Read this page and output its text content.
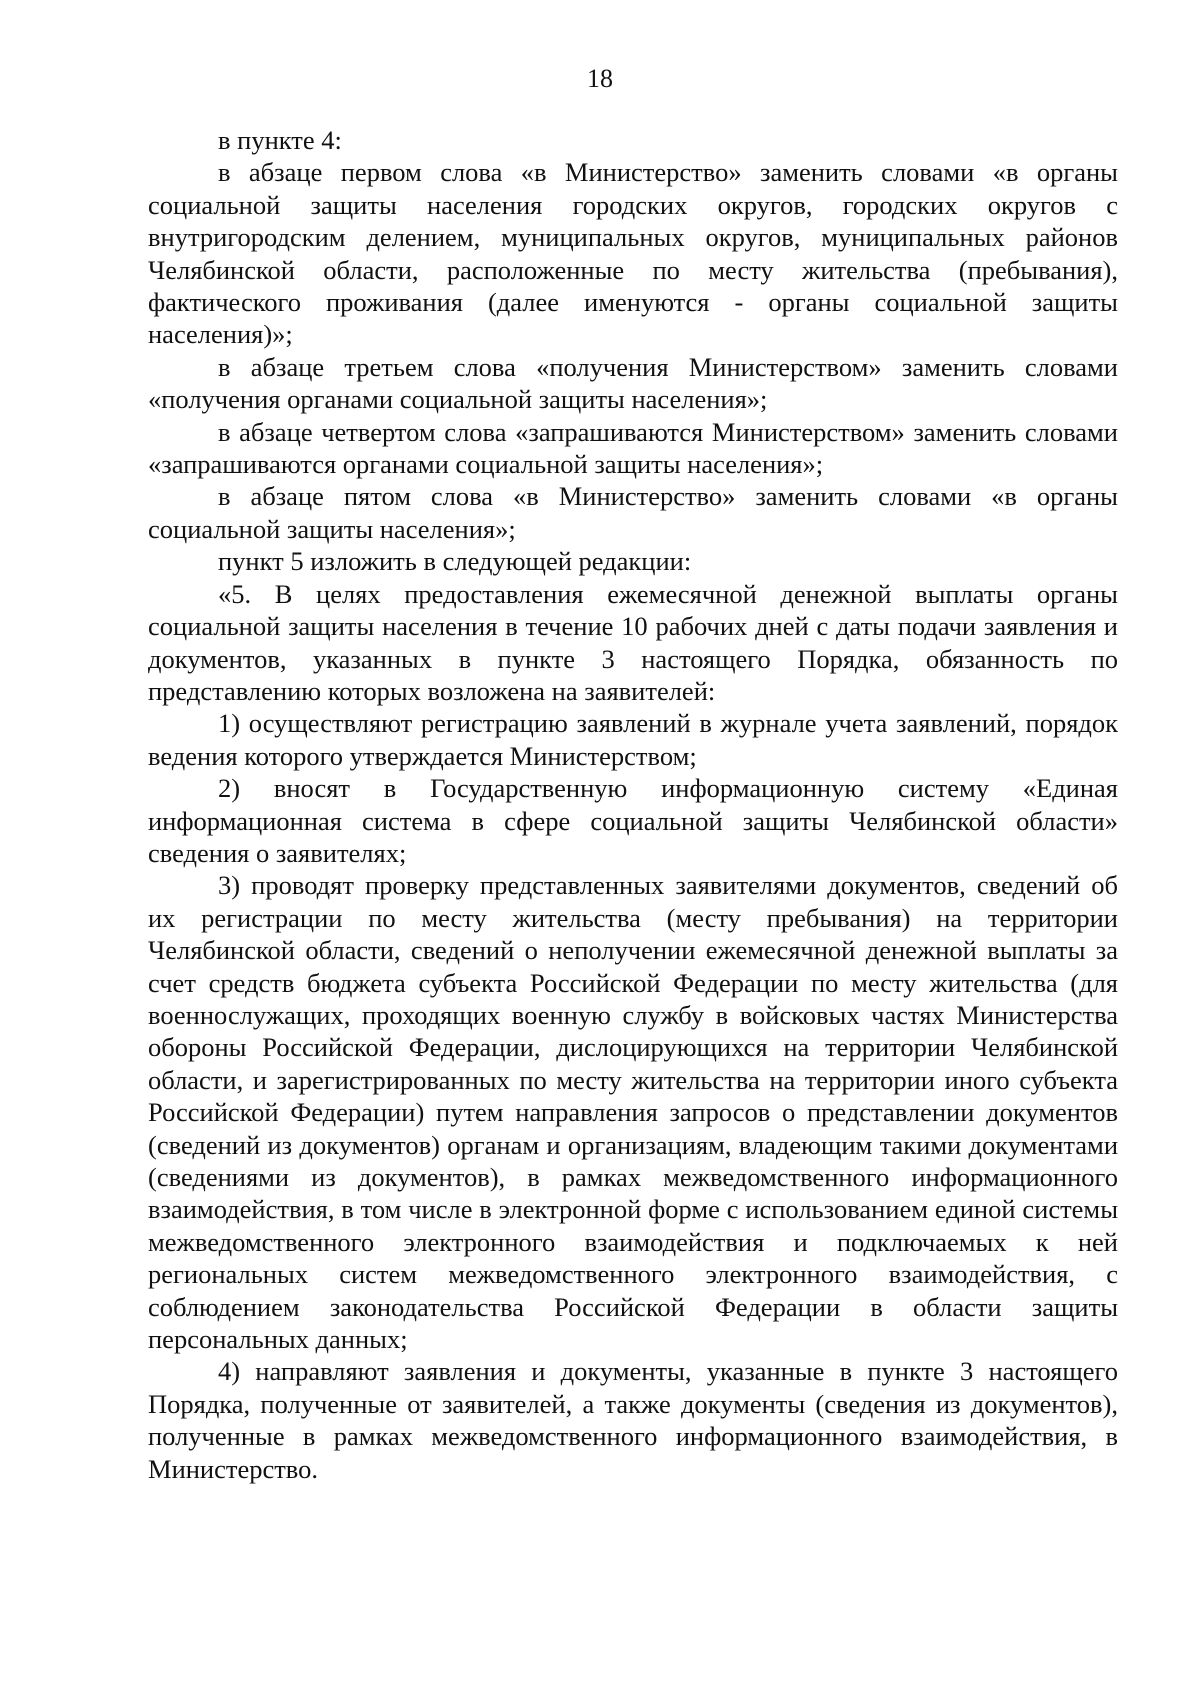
18

в пункте 4:

в абзаце первом слова «в Министерство» заменить словами «в органы социальной защиты населения городских округов, городских округов с внутригородским делением, муниципальных округов, муниципальных районов Челябинской области, расположенные по месту жительства (пребывания), фактического проживания (далее именуются - органы социальной защиты населения)»;

в абзаце третьем слова «получения Министерством» заменить словами «получения органами социальной защиты населения»;

в абзаце четвертом слова «запрашиваются Министерством» заменить словами «запрашиваются органами социальной защиты населения»;

в абзаце пятом слова «в Министерство» заменить словами «в органы социальной защиты населения»;

пункт 5 изложить в следующей редакции:

«5. В целях предоставления ежемесячной денежной выплаты органы социальной защиты населения в течение 10 рабочих дней с даты подачи заявления и документов, указанных в пункте 3 настоящего Порядка, обязанность по представлению которых возложена на заявителей:

1) осуществляют регистрацию заявлений в журнале учета заявлений, порядок ведения которого утверждается Министерством;

2) вносят в Государственную информационную систему «Единая информационная система в сфере социальной защиты Челябинской области» сведения о заявителях;

3) проводят проверку представленных заявителями документов, сведений об их регистрации по месту жительства (месту пребывания) на территории Челябинской области, сведений о неполучении ежемесячной денежной выплаты за счет средств бюджета субъекта Российской Федерации по месту жительства (для военнослужащих, проходящих военную службу в войсковых частях Министерства обороны Российской Федерации, дислоцирующихся на территории Челябинской области, и зарегистрированных по месту жительства на территории иного субъекта Российской Федерации) путем направления запросов о представлении документов (сведений из документов) органам и организациям, владеющим такими документами (сведениями из документов), в рамках межведомственного информационного взаимодействия, в том числе в электронной форме с использованием единой системы межведомственного электронного взаимодействия и подключаемых к ней региональных систем межведомственного электронного взаимодействия, с соблюдением законодательства Российской Федерации в области защиты персональных данных;

4) направляют заявления и документы, указанные в пункте 3 настоящего Порядка, полученные от заявителей, а также документы (сведения из документов), полученные в рамках межведомственного информационного взаимодействия, в Министерство.
